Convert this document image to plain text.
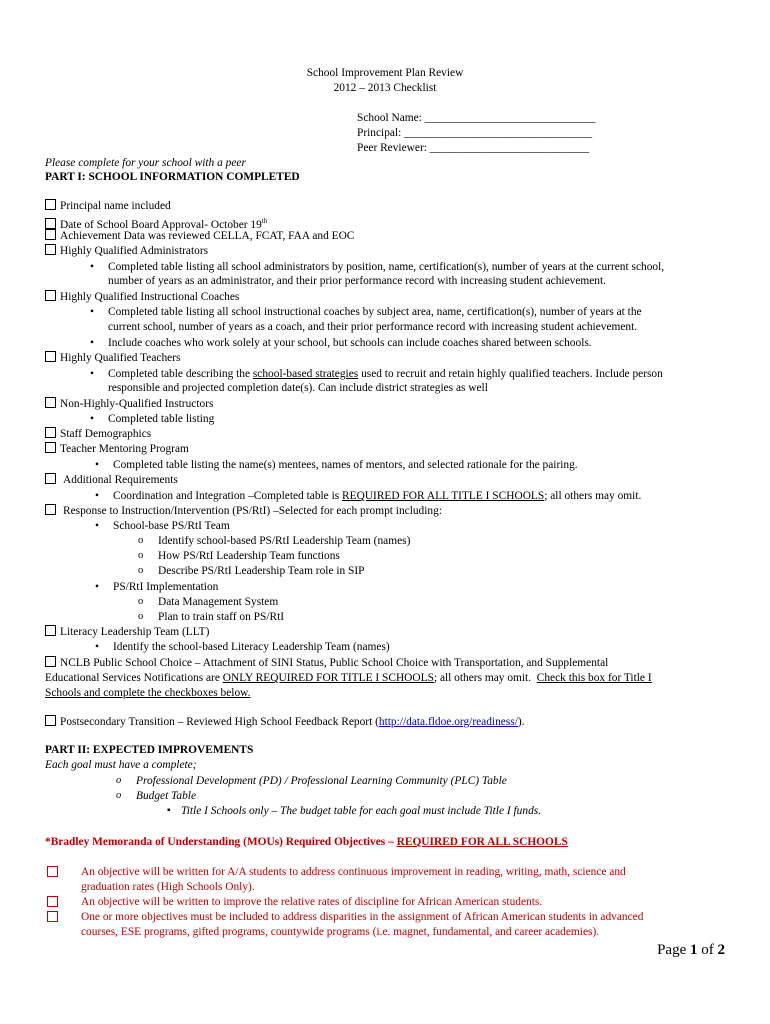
School Improvement Plan Review
2012 – 2013 Checklist
School Name: ______________________________
Principal: _________________________________
Peer Reviewer: ____________________________
Please complete for your school with a peer
PART I: SCHOOL INFORMATION COMPLETED
Principal name included
Date of School Board Approval- October 19th
Achievement Data was reviewed CELLA, FCAT, FAA and EOC
Highly Qualified Administrators
• Completed table listing all school administrators by position, name, certification(s), number of years at the current school,
number of years as an administrator, and their prior performance record with increasing student achievement.
Highly Qualified Instructional Coaches
• Completed table listing all school instructional coaches by subject area, name, certification(s), number of years at the
current school, number of years as a coach, and their prior performance record with increasing student achievement.
• Include coaches who work solely at your school, but schools can include coaches shared between schools.
Highly Qualified Teachers
• Completed table describing the school-based strategies used to recruit and retain highly qualified teachers. Include person
responsible and projected completion date(s). Can include district strategies as well
Non-Highly-Qualified Instructors
• Completed table listing
Staff Demographics
Teacher Mentoring Program
• Completed table listing the name(s) mentees, names of mentors, and selected rationale for the pairing.
Additional Requirements
• Coordination and Integration –Completed table is REQUIRED FOR ALL TITLE I SCHOOLS; all others may omit.
Response to Instruction/Intervention (PS/RtI) –Selected for each prompt including:
• School-base PS/RtI Team
o Identify school-based PS/RtI Leadership Team (names)
o How PS/RtI Leadership Team functions
o Describe PS/RtI Leadership Team role in SIP
• PS/RtI Implementation
o Data Management System
o Plan to train staff on PS/RtI
Literacy Leadership Team (LLT)
• Identify the school-based Literacy Leadership Team (names)
NCLB Public School Choice – Attachment of SINI Status, Public School Choice with Transportation, and Supplemental
Educational Services Notifications are ONLY REQUIRED FOR TITLE I SCHOOLS; all others may omit.  Check this box for Title I
Schools and complete the checkboxes below.
Postsecondary Transition – Reviewed High School Feedback Report (http://data.fldoe.org/readiness/).
PART II: EXPECTED IMPROVEMENTS
Each goal must have a complete;
o Professional Development (PD) / Professional Learning Community (PLC) Table
o Budget Table
▪ Title I Schools only – The budget table for each goal must include Title I funds.
*Bradley Memoranda of Understanding (MOUs) Required Objectives – REQUIRED FOR ALL SCHOOLS
An objective will be written for A/A students to address continuous improvement in reading, writing, math, science and
graduation rates (High Schools Only).
An objective will be written to improve the relative rates of discipline for African American students.
One or more objectives must be included to address disparities in the assignment of African American students in advanced
courses, ESE programs, gifted programs, countywide programs (i.e. magnet, fundamental, and career academies).
Page 1 of 2
